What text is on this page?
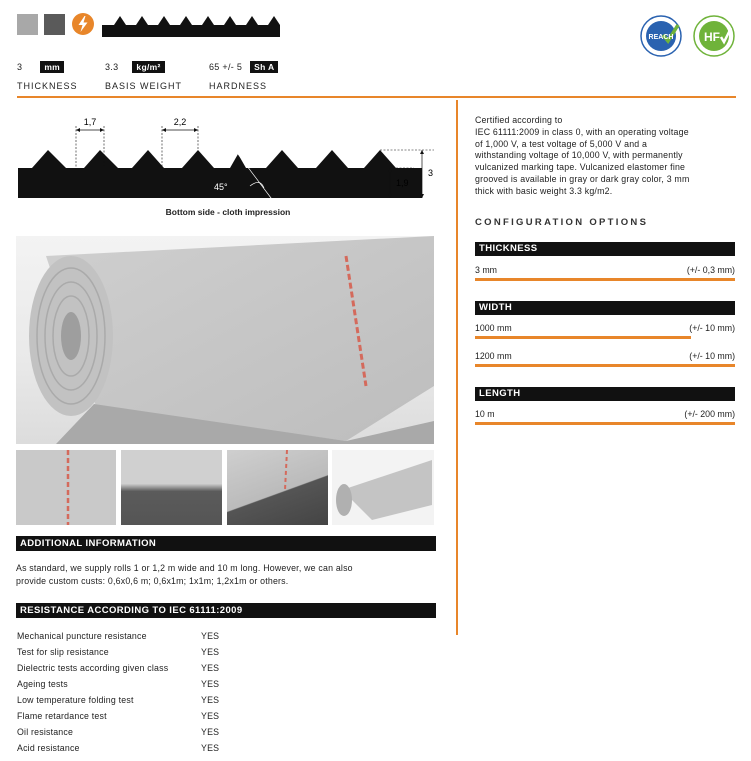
REACH	HF
3	mm
THICKNESS
3.3 kg/m²
BASIS WEIGHT
65 +/- 5 Sh A
HARDNESS
1,7	2,2
45°	1,9
3
Bottom side - cloth impression
ADDITIONAL INFORMATION
As standard, we supply rolls 1 or 1,2 m wide and 10 m long. However, we can also
provide custom custs: 0,6x0,6 m; 0,6x1m; 1x1m; 1,2x1m or others.
RESISTANCE ACCORDING TO IEC 61111:2009
Mechanical puncture resistance	YES
Test for slip resistance	YES
Dielectric tests according given class	YES
Ageing tests	YES
Low temperature folding test	YES
Flame retardance test	YES
Oil resistance	YES
Acid resistance	YES
Certified according to
IEC 61111:2009 in class 0, with an operating voltage
of 1,000 V, a test voltage of 5,000 V and a
withstanding voltage of 10,000 V, with permanently
vulcanized marking tape. Vulcanized elastomer fine
grooved is available in gray or dark gray color, 3 mm
thick with basic weight 3.3 kg/m2.
CONFIGURATION OPTIONS
THICKNESS
3 mm	(+/- 0,3 mm)
WIDTH
1000 mm	(+/- 10 mm)
1200 mm	(+/- 10 mm)
LENGTH
10 m	(+/- 200 mm)
